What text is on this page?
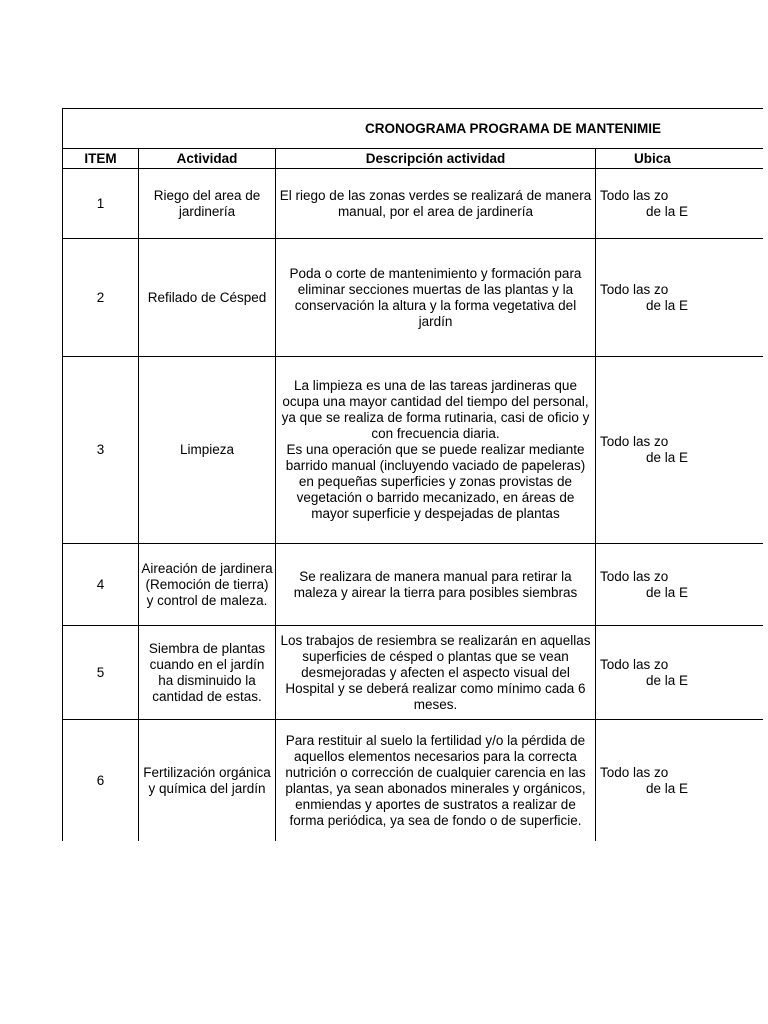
CRONOGRAMA PROGRAMA DE MANTENIMIE			
ITEM	Actividad	Descripción actividad	Ubica
1	Riego del area de jardinería	El riego de las zonas verdes se realizará de manera manual, por el area de jardinería	Todo las zo
de la E

2	Refilado de Césped	Poda o corte de mantenimiento y formación para eliminar secciones muertas de las plantas y la conservación la altura y la forma vegetativa del jardín	Todo las zo
de la E

3	Limpieza	La limpieza es una de las tareas jardineras que ocupa una mayor cantidad del tiempo del personal, ya que se realiza de forma rutinaria, casi de oficio y con frecuencia diaria.
Es una operación que se puede realizar mediante barrido manual (incluyendo vaciado de papeleras) en pequeñas superficies y zonas provistas de vegetación o barrido mecanizado, en áreas de mayor superficie y despejadas de plantas	Todo las zo
de la E

4	Aireación de jardinera (Remoción de tierra) y control de maleza.	Se realizara de manera manual para retirar la maleza y airear la tierra para posibles siembras	Todo las zo
de la E

5	Siembra de plantas cuando en el jardín ha disminuido la cantidad de estas.	Los trabajos de resiembra se realizarán en aquellas superficies de césped o plantas que se vean desmejoradas y afecten el aspecto visual del Hospital y se deberá realizar como mínimo cada 6 meses.	Todo las zo
de la E

6	Fertilización orgánica y química del jardín	Para restituir al suelo la fertilidad y/o la pérdida de aquellos elementos necesarios para la correcta nutrición o corrección de cualquier carencia en las plantas, ya sean abonados minerales y orgánicos, enmiendas y aportes de sustratos a realizar de forma periódica, ya sea de fondo o de superficie.	Todo las zo
de la E
